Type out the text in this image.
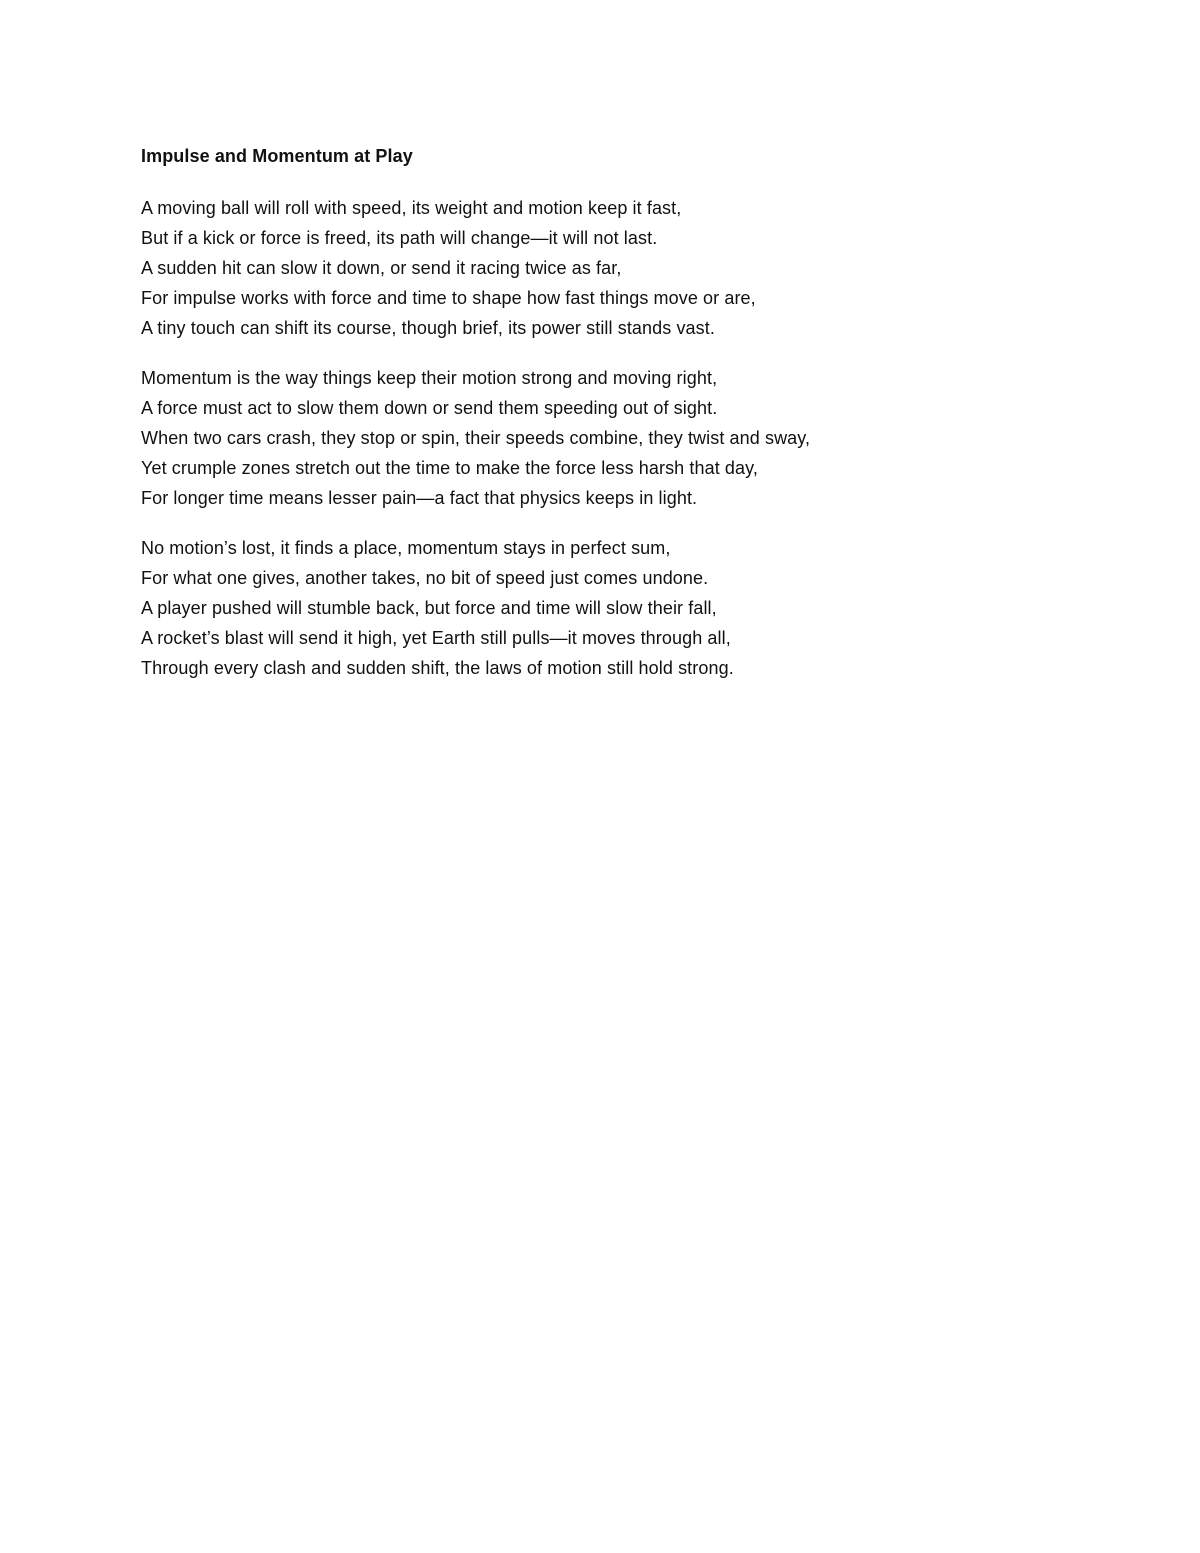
Impulse and Momentum at Play
A moving ball will roll with speed, its weight and motion keep it fast,
But if a kick or force is freed, its path will change—it will not last.
A sudden hit can slow it down, or send it racing twice as far,
For impulse works with force and time to shape how fast things move or are,
A tiny touch can shift its course, though brief, its power still stands vast.
Momentum is the way things keep their motion strong and moving right,
A force must act to slow them down or send them speeding out of sight.
When two cars crash, they stop or spin, their speeds combine, they twist and sway,
Yet crumple zones stretch out the time to make the force less harsh that day,
For longer time means lesser pain—a fact that physics keeps in light.
No motion’s lost, it finds a place, momentum stays in perfect sum,
For what one gives, another takes, no bit of speed just comes undone.
A player pushed will stumble back, but force and time will slow their fall,
A rocket’s blast will send it high, yet Earth still pulls—it moves through all,
Through every clash and sudden shift, the laws of motion still hold strong.
